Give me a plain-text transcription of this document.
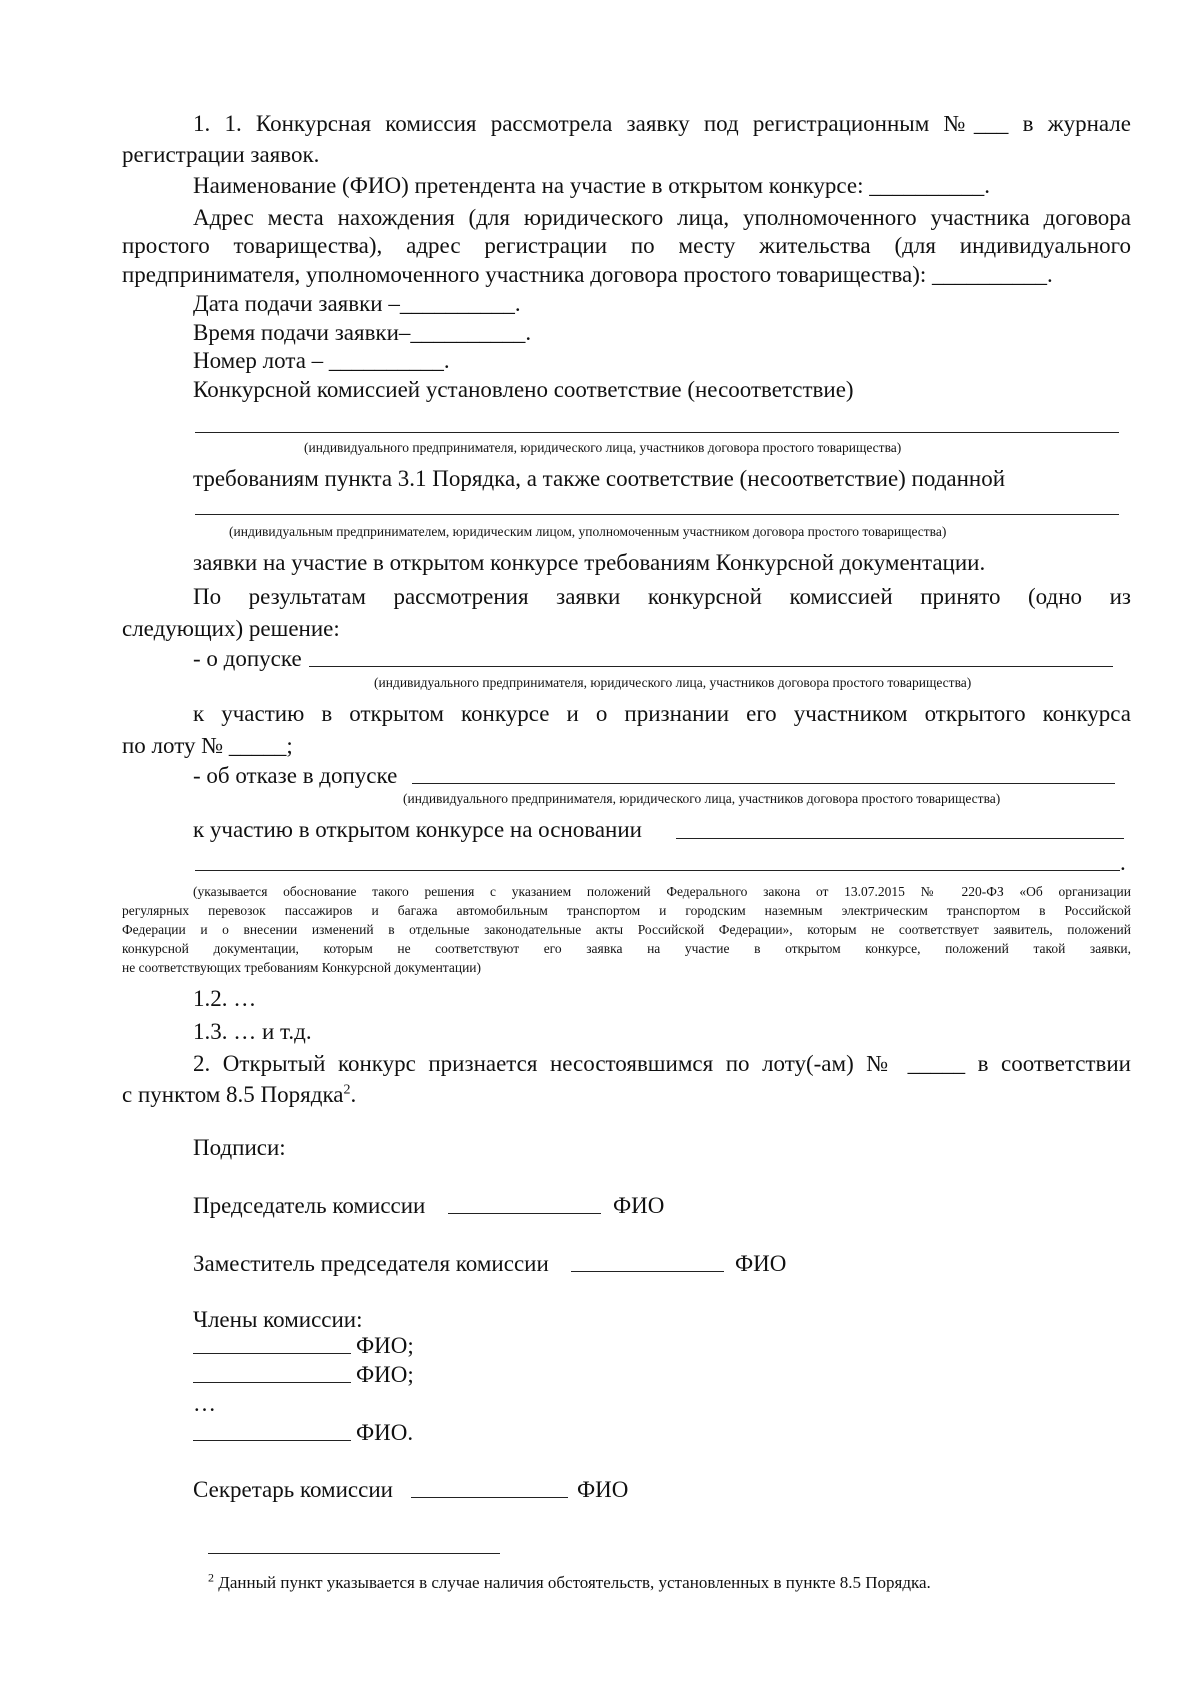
1. 1. Конкурсная комиссия рассмотрела заявку под регистрационным №___ в журнале
регистрации заявок.
Наименование (ФИО) претендента на участие в открытом конкурсе: __________.
Адрес места нахождения (для юридического лица, уполномоченного участника договора
простого товарищества), адрес регистрации по месту жительства (для индивидуального
предпринимателя, уполномоченного участника договора простого товарищества): __________.
Дата подачи заявки –__________.
Время подачи заявки–__________.
Номер лота – __________.
Конкурсной комиссией установлено соответствие (несоответствие)
(индивидуального предпринимателя, юридического лица, участников договора простого товарищества)
требованиям пункта 3.1 Порядка, а также соответствие (несоответствие) поданной
(индивидуальным предпринимателем, юридическим лицом, уполномоченным участником договора простого товарищества)
заявки на участие в открытом конкурсе требованиям Конкурсной документации.
По результатам рассмотрения заявки конкурсной комиссией принято (одно из
следующих) решение:
- о допуске
(индивидуального предпринимателя, юридического лица, участников договора простого товарищества)
к участию в открытом конкурсе и о признании его участником открытого конкурса
по лоту № _____;
- об отказе в допуске
(индивидуального предпринимателя, юридического лица, участников договора простого товарищества)
к участию в открытом конкурсе на основании
.
(указывается обоснование такого решения с указанием положений Федерального закона от 13.07.2015 № 220-ФЗ «Об организации
регулярных перевозок пассажиров и багажа автомобильным транспортом и городским наземным электрическим транспортом в Российской
Федерации и о внесении изменений в отдельные законодательные акты Российской Федерации», которым не соответствует заявитель, положений
конкурсной документации, которым не соответствуют его заявка на участие в открытом конкурсе, положений такой заявки,
не соответствующих требованиям Конкурсной документации)
1.2. …
1.3. … и т.д.
2. Открытый конкурс признается несостоявшимся по лоту(-ам) № _____ в соответствии
с пунктом 8.5 Порядка$^2$.
Подписи:
Председатель комиссии	ФИО
Заместитель председателя комиссии	ФИО
Члены комиссии:
ФИО;
ФИО;
…
ФИО.
Секретарь комиссии	ФИО
$^2$ Данный пункт указывается в случае наличия обстоятельств, установленных в пункте 8.5 Порядка.
